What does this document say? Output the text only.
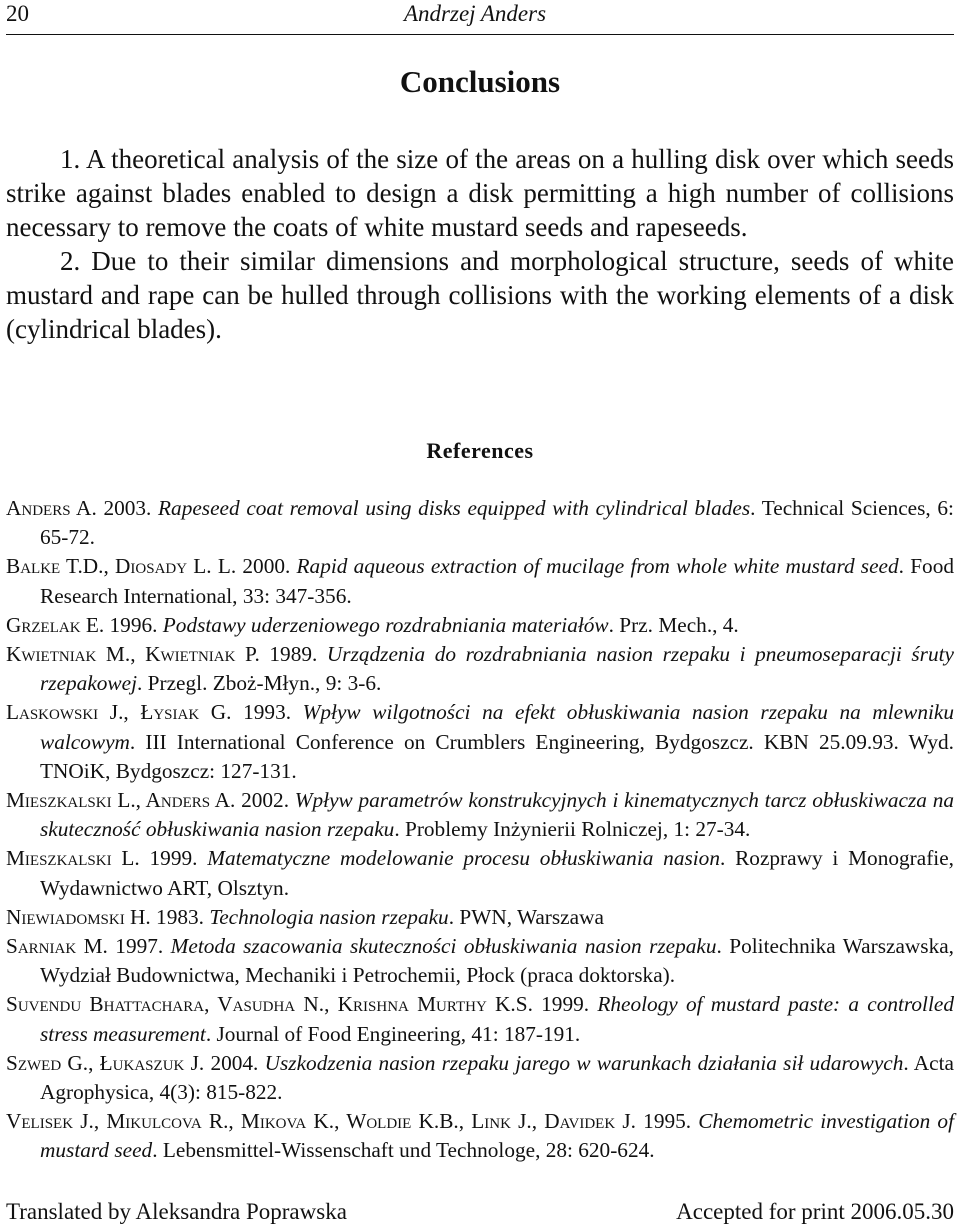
20	Andrzej Anders
Conclusions

1. A theoretical analysis of the size of the areas on a hulling disk over which seeds strike against blades enabled to design a disk permitting a high number of collisions necessary to remove the coats of white mustard seeds and rapeseeds.

2. Due to their similar dimensions and morphological structure, seeds of white mustard and rape can be hulled through collisions with the working elements of a disk (cylindrical blades).

References

Anders A. 2003. Rapeseed coat removal using disks equipped with cylindrical blades. Technical Sciences, 6: 65-72.

Balke T.D., Diosady L. L. 2000. Rapid aqueous extraction of mucilage from whole white mustard seed. Food Research International, 33: 347-356.

Grzelak E. 1996. Podstawy uderzeniowego rozdrabniania materiałów. Prz. Mech., 4.

Kwietniak M., Kwietniak P. 1989. Urządzenia do rozdrabniania nasion rzepaku i pneumoseparacji śruty rzepakowej. Przegl. Zboż-Młyn., 9: 3-6.

Laskowski J., Łysiak G. 1993. Wpływ wilgotności na efekt obłuskiwania nasion rzepaku na mlewniku walcowym. III International Conference on Crumblers Engineering, Bydgoszcz. KBN 25.09.93. Wyd. TNOiK, Bydgoszcz: 127-131.

Mieszkalski L., Anders A. 2002. Wpływ parametrów konstrukcyjnych i kinematycznych tarcz obłuskiwacza na skuteczność obłuskiwania nasion rzepaku. Problemy Inżynierii Rolniczej, 1: 27-34.

Mieszkalski L. 1999. Matematyczne modelowanie procesu obłuskiwania nasion. Rozprawy i Monografie, Wydawnictwo ART, Olsztyn.

Niewiadomski H. 1983. Technologia nasion rzepaku. PWN, Warszawa

Sarniak M. 1997. Metoda szacowania skuteczności obłuskiwania nasion rzepaku. Politechnika Warszawska, Wydział Budownictwa, Mechaniki i Petrochemii, Płock (praca doktorska).

Suvendu Bhattachara, Vasudha N., Krishna Murthy K.S. 1999. Rheology of mustard paste: a controlled stress measurement. Journal of Food Engineering, 41: 187-191.

Szwed G., Łukaszuk J. 2004. Uszkodzenia nasion rzepaku jarego w warunkach działania sił udarowych. Acta Agrophysica, 4(3): 815-822.

Velisek J., Mikulcova R., Mikova K., Woldie K.B., Link J., Davidek J. 1995. Chemometric investigation of mustard seed. Lebensmittel-Wissenschaft und Technologe, 28: 620-624.

Translated by Aleksandra Poprawska	Accepted for print 2006.05.30
